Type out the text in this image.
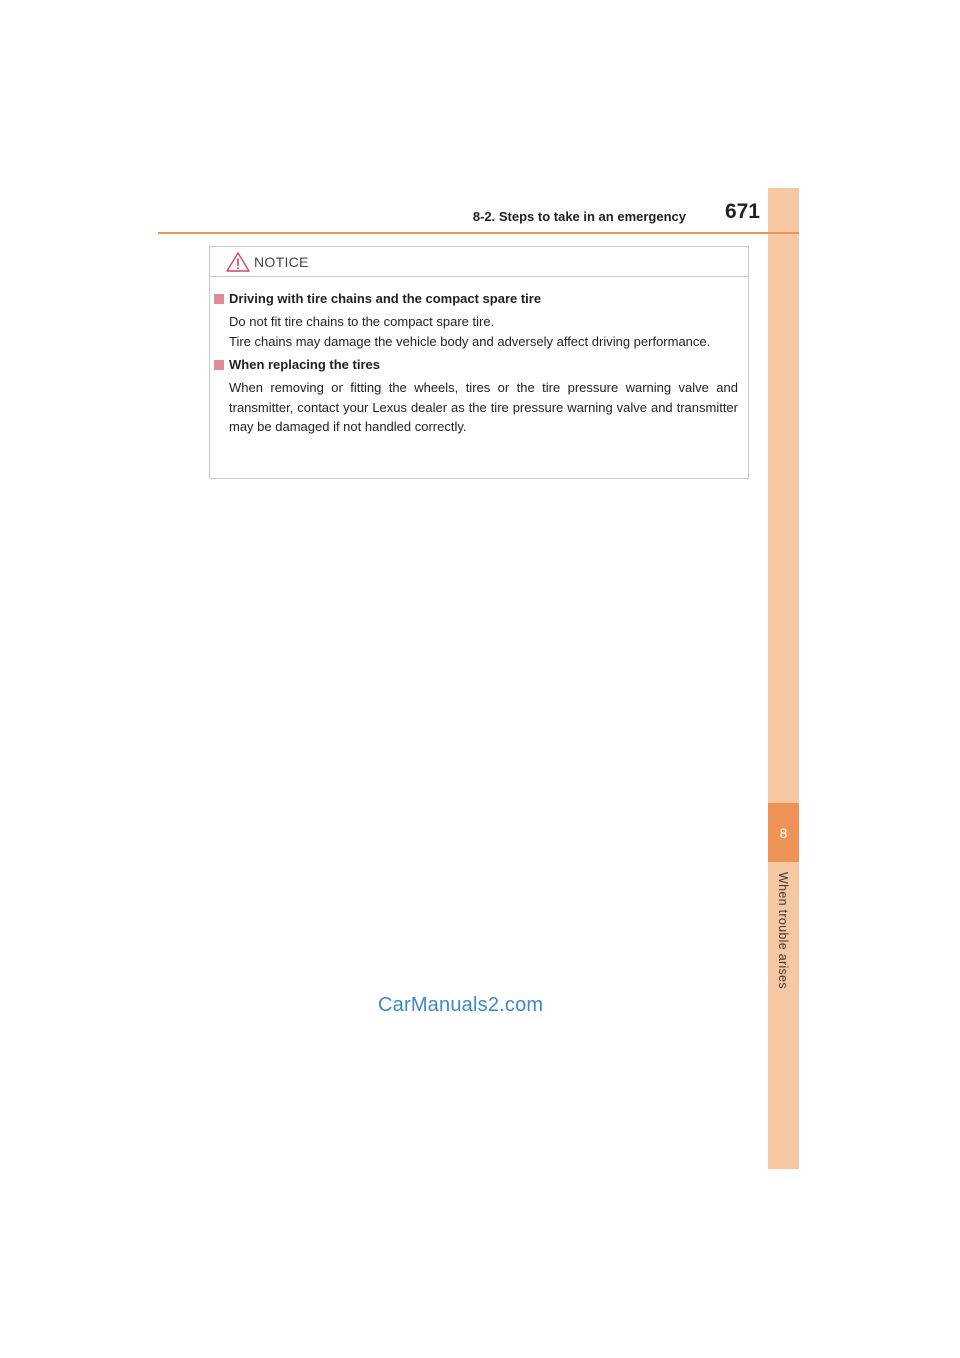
8
When trouble arises
8-2. Steps to take in an emergency	671
NOTICE
Driving with tire chains and the compact spare tire

Do not fit tire chains to the compact spare tire.

Tire chains may damage the vehicle body and adversely affect driving performance.

When replacing the tires

When removing or fitting the wheels, tires or the tire pressure warning valve and transmitter, contact your Lexus dealer as the tire pressure warning valve and transmitter may be damaged if not handled correctly.

CarManuals2.com
